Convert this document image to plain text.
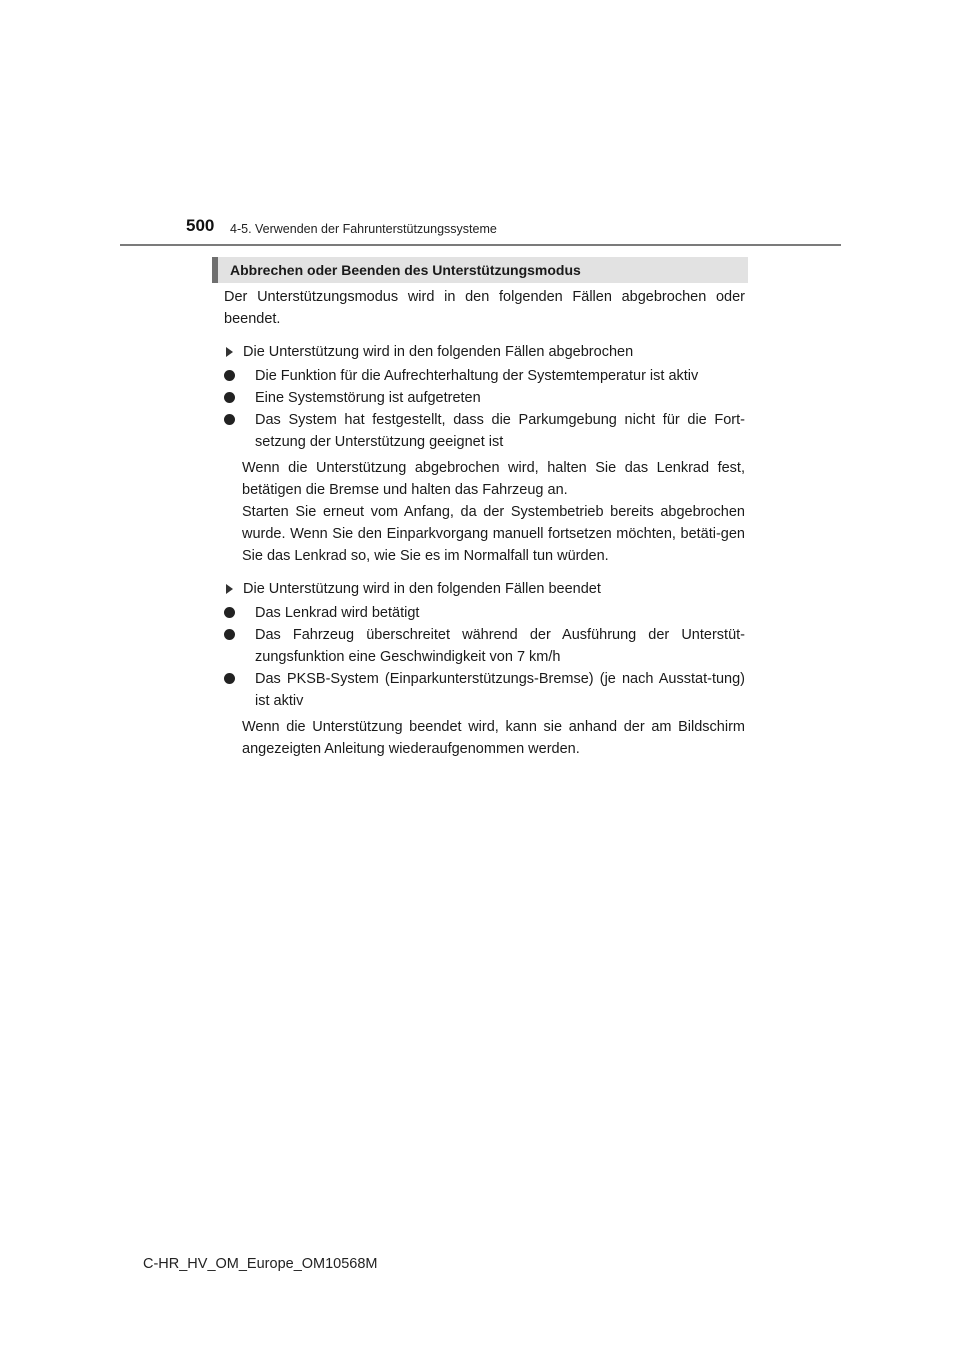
500 4-5. Verwenden der Fahrunterstützungssysteme
Abbrechen oder Beenden des Unterstützungsmodus

Der Unterstützungsmodus wird in den folgenden Fällen abgebrochen oder beendet.

Die Unterstützung wird in den folgenden Fällen abgebrochen

Die Funktion für die Aufrechterhaltung der Systemtemperatur ist aktiv

Eine Systemstörung ist aufgetreten

Das System hat festgestellt, dass die Parkumgebung nicht für die Fort-setzung der Unterstützung geeignet ist

Wenn die Unterstützung abgebrochen wird, halten Sie das Lenkrad fest, betätigen die Bremse und halten das Fahrzeug an.
Starten Sie erneut vom Anfang, da der Systembetrieb bereits abgebrochen wurde. Wenn Sie den Einparkvorgang manuell fortsetzen möchten, betäti-gen Sie das Lenkrad so, wie Sie es im Normalfall tun würden.

Die Unterstützung wird in den folgenden Fällen beendet

Das Lenkrad wird betätigt

Das Fahrzeug überschreitet während der Ausführung der Unterstüt-zungsfunktion eine Geschwindigkeit von 7 km/h

Das PKSB-System (Einparkunterstützungs-Bremse) (je nach Ausstat-tung) ist aktiv

Wenn die Unterstützung beendet wird, kann sie anhand der am Bildschirm angezeigten Anleitung wiederaufgenommen werden.

C-HR_HV_OM_Europe_OM10568M
